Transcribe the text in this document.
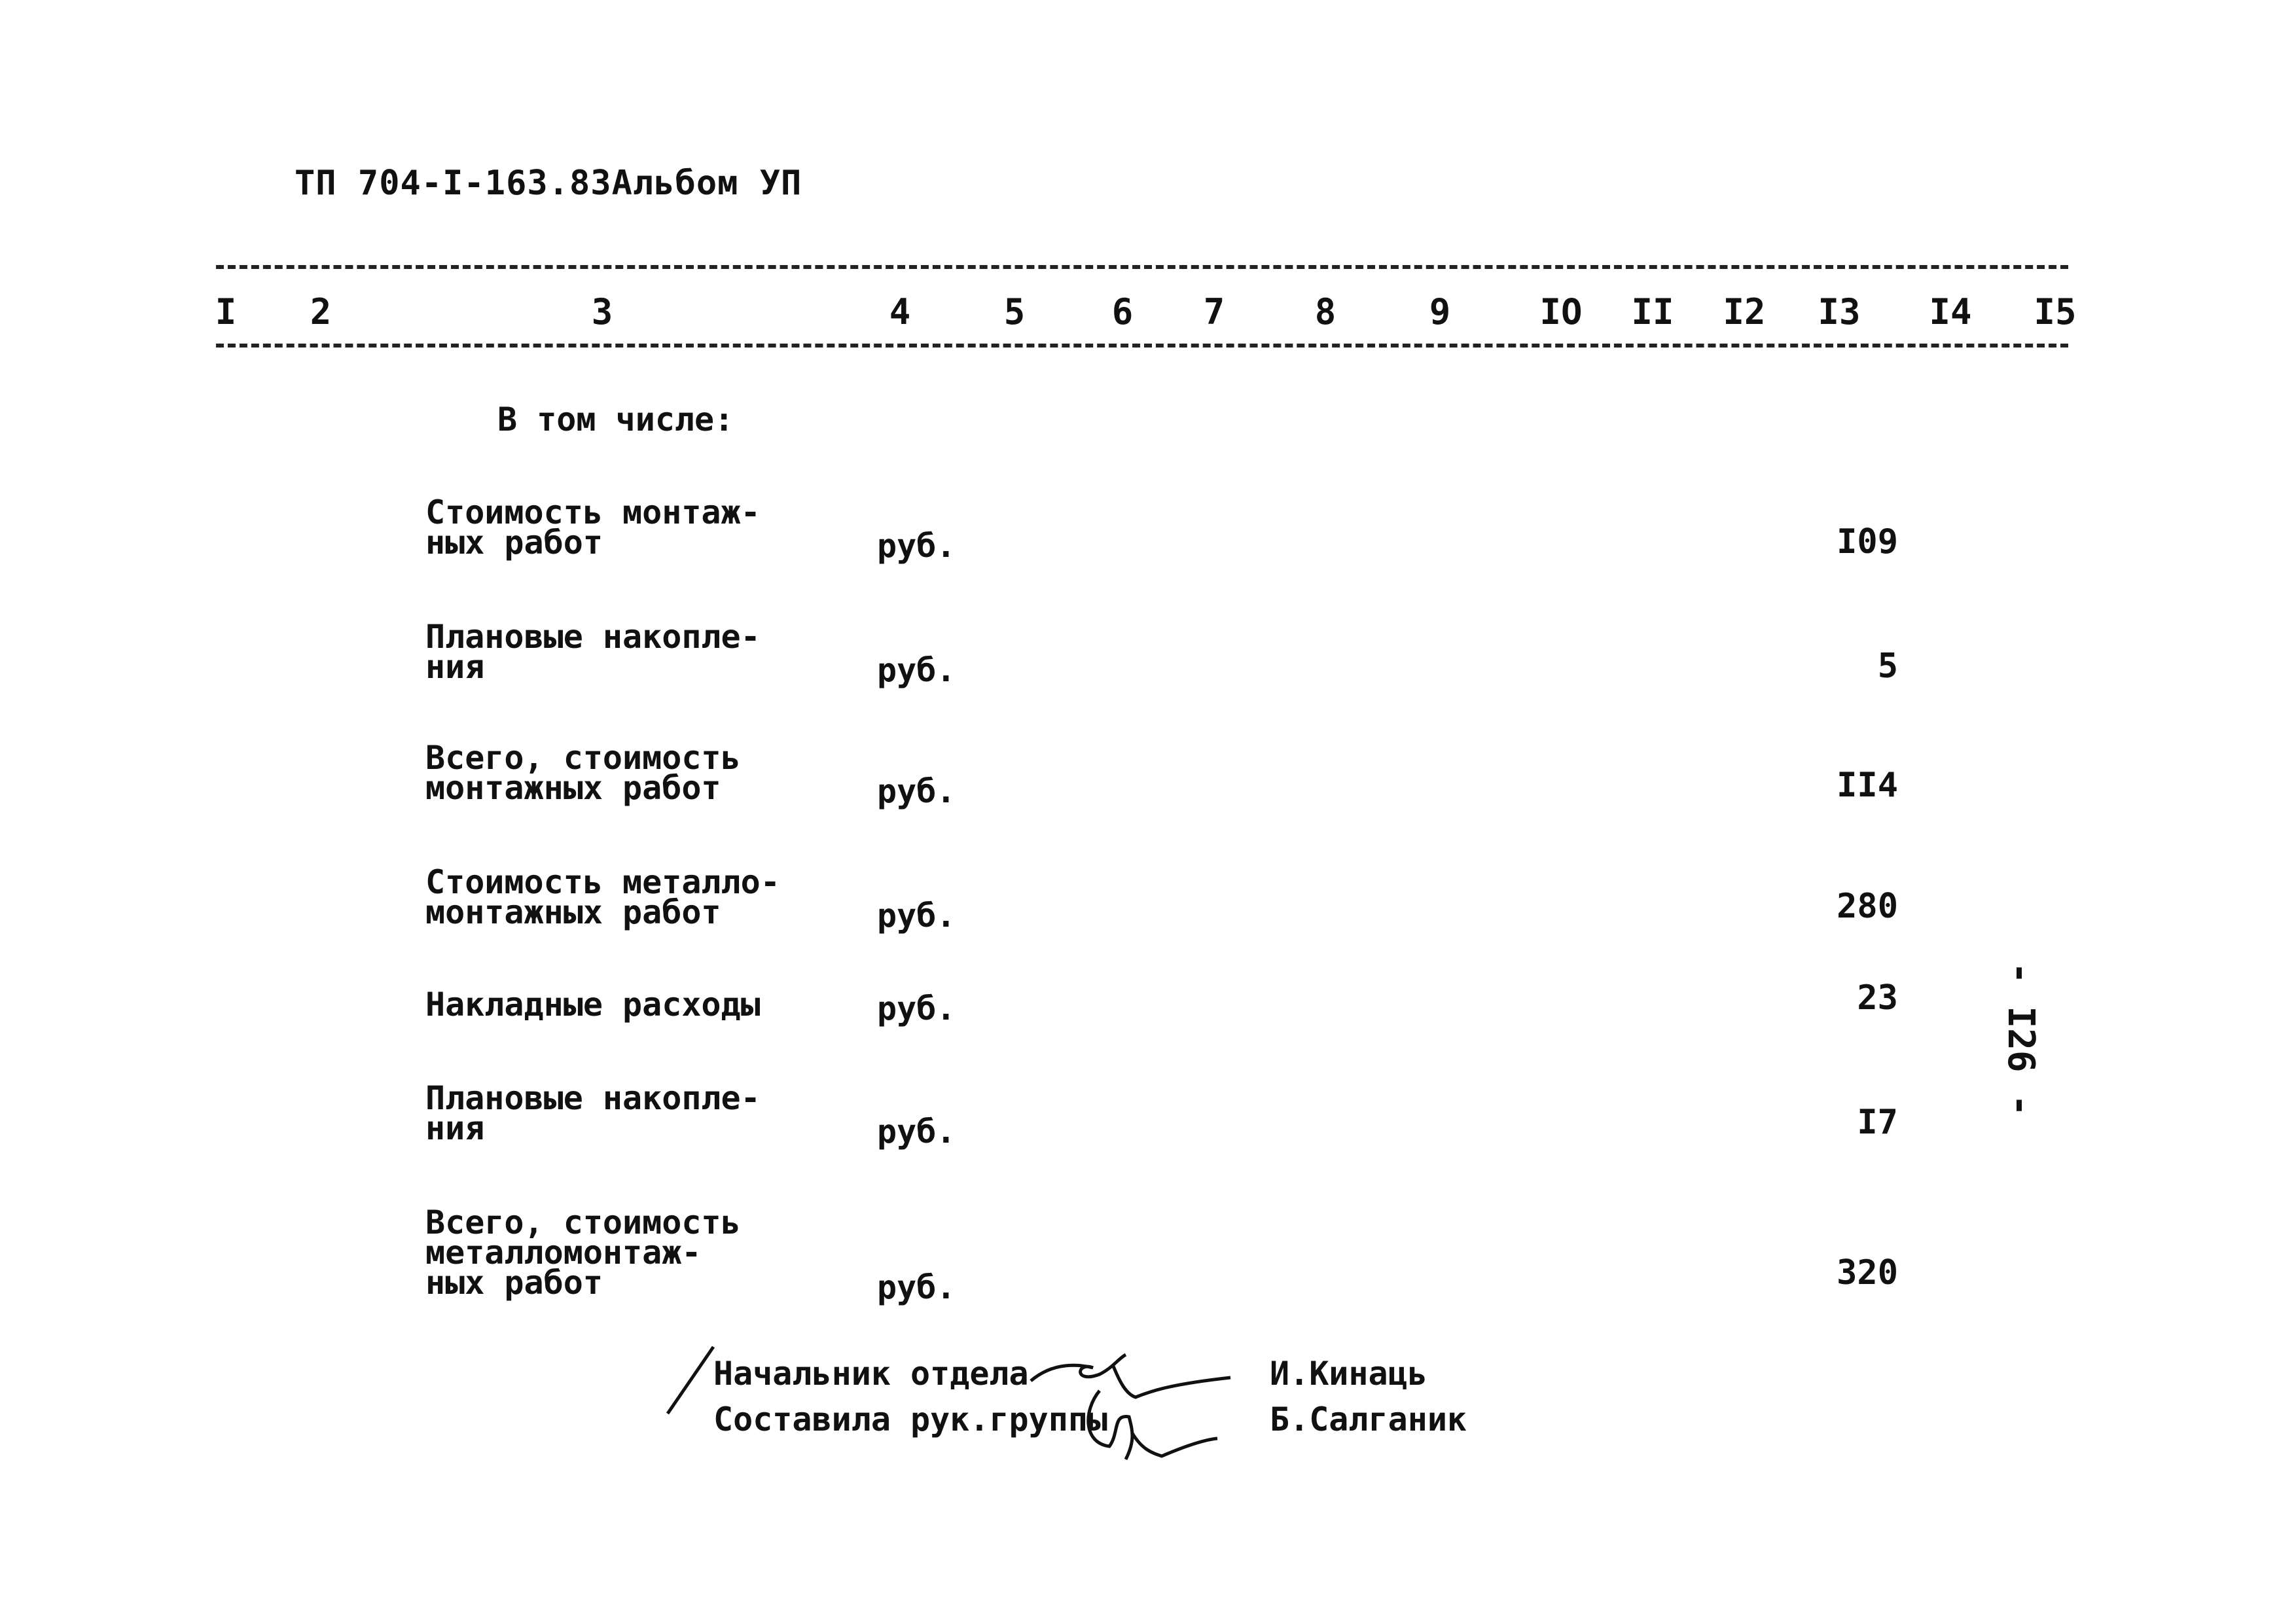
ТП 704-I-163.83Альбом УП
I	2	3	4	5	6	7	8	9	IO	II	I2	I3	I4	I5
В том числе:
Стоимость монтаж-
ных работ	руб.	I09
Плановые накопле-
ния	руб.	5
Всего, стоимость
монтажных работ	руб.	II4
Стоимость металло-
монтажных работ	руб.	280
Накладные расходы	руб.	23
Плановые накопле-
ния	руб.	I7
Всего, стоимость
металломонтаж-
ных работ	руб.	320
- I26 -
Начальник отдела
Составила рук.группы
И.Кинаць
Б.Салганик
